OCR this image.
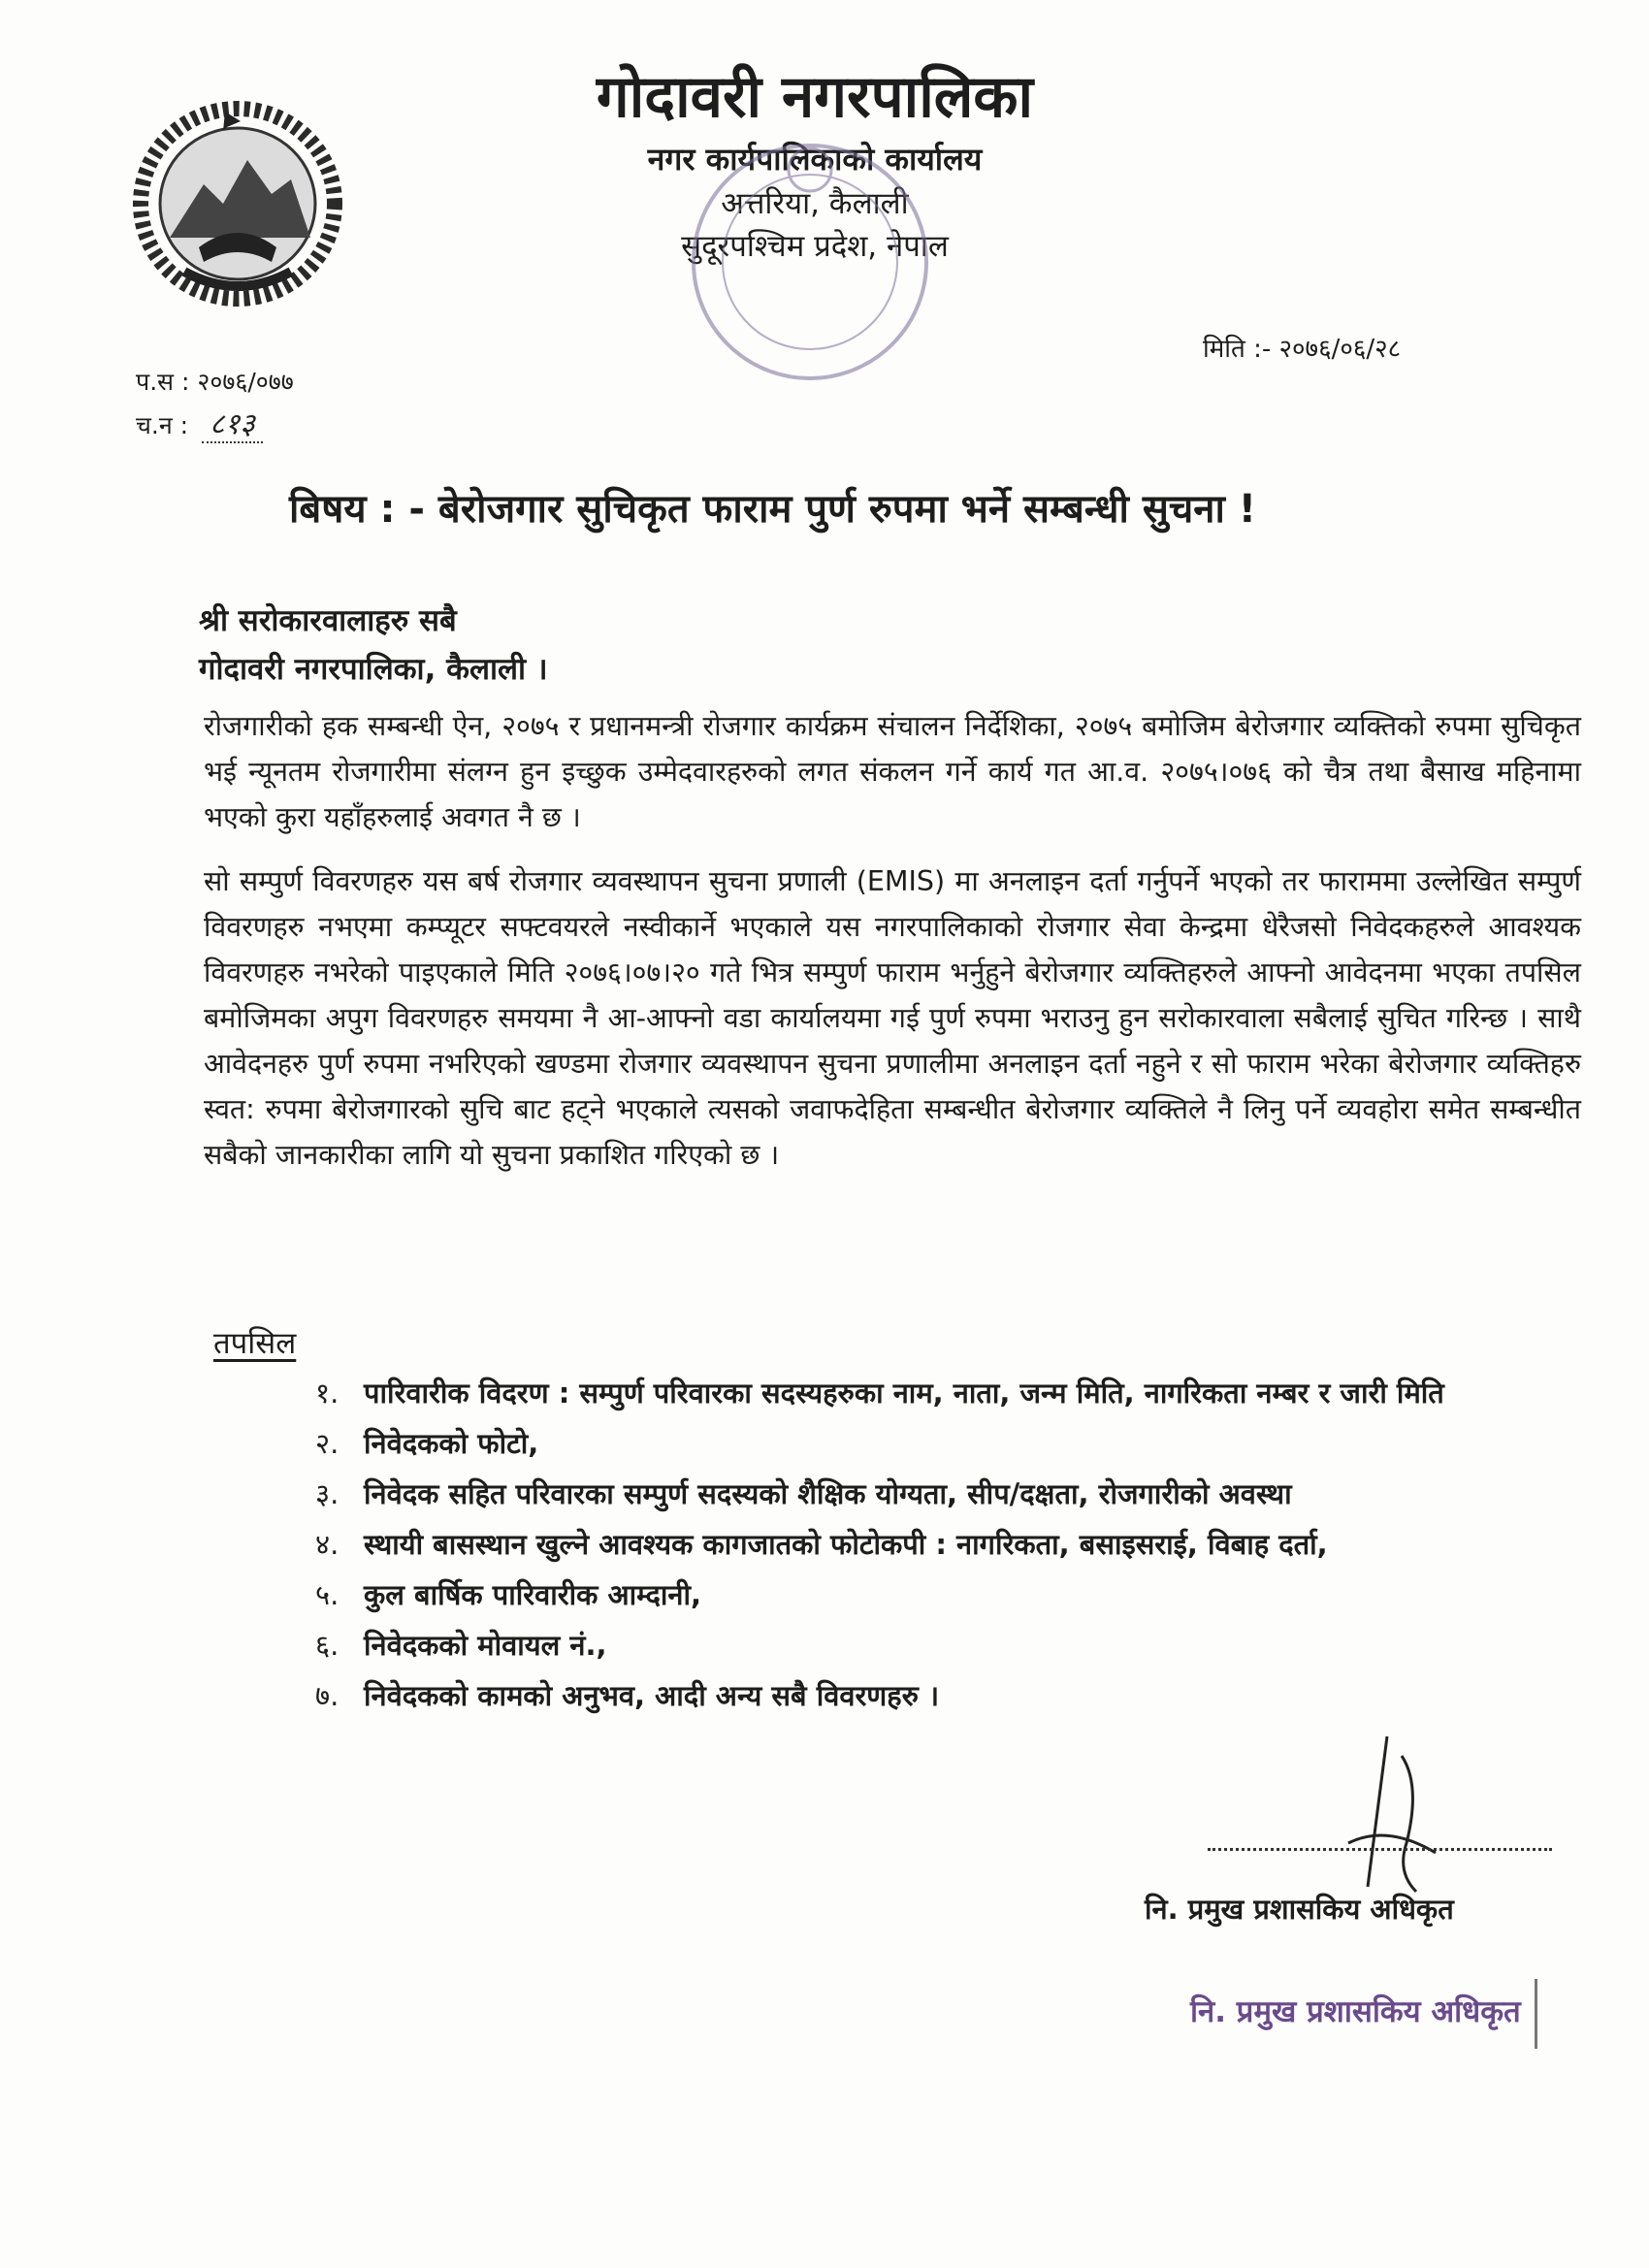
गोदावरी नगरपालिका
नगर कार्यपालिकाको कार्यालय
अत्तरिया, कैलाली
सुदूरपश्चिम प्रदेश, नेपाल
प.स : २०७६/०७७
च.न : ८१३
मिति :- २०७६/०६/२८
बिषय : - बेरोजगार सुचिकृत फाराम पुर्ण रुपमा भर्ने सम्बन्धी सुचना !
श्री सरोकारवालाहरु सबै
गोदावरी नगरपालिका, कैलाली ।
रोजगारीको हक सम्बन्धी ऐन, २०७५ र प्रधानमन्त्री रोजगार कार्यक्रम संचालन निर्देशिका, २०७५ बमोजिम बेरोजगार व्यक्तिको रुपमा सुचिकृत भई न्यूनतम रोजगारीमा संलग्न हुन इच्छुक उम्मेदवारहरुको लगत संकलन गर्ने कार्य गत आ.व. २०७५।०७६ को चैत्र तथा बैसाख महिनामा भएको कुरा यहाँहरुलाई अवगत नै छ ।
सो सम्पुर्ण विवरणहरु यस बर्ष रोजगार व्यवस्थापन सुचना प्रणाली (EMIS) मा अनलाइन दर्ता गर्नुपर्ने भएको तर फाराममा उल्लेखित सम्पुर्ण विवरणहरु नभएमा कम्प्यूटर सफ्टवयरले नस्वीकार्ने भएकाले यस नगरपालिकाको रोजगार सेवा केन्द्रमा धेरैजसो निवेदकहरुले आवश्यक विवरणहरु नभरेको पाइएकाले मिति २०७६।०७।२० गते भित्र सम्पुर्ण फाराम भर्नुहुने बेरोजगार व्यक्तिहरुले आफ्नो आवेदनमा भएका तपसिल बमोजिमका अपुग विवरणहरु समयमा नै आ-आफ्नो वडा कार्यालयमा गई पुर्ण रुपमा भराउनु हुन सरोकारवाला सबैलाई सुचित गरिन्छ । साथै आवेदनहरु पुर्ण रुपमा नभरिएको खण्डमा रोजगार व्यवस्थापन सुचना प्रणालीमा अनलाइन दर्ता नहुने र सो फाराम भरेका बेरोजगार व्यक्तिहरु स्वत: रुपमा बेरोजगारको सुचि बाट हट्ने भएकाले त्यसको जवाफदेहिता सम्बन्धीत बेरोजगार व्यक्तिले नै लिनु पर्ने व्यवहोरा समेत सम्बन्धीत सबैको जानकारीका लागि यो सुचना प्रकाशित गरिएको छ ।
तपसिल
१. पारिवारीक विदरण : सम्पुर्ण परिवारका सदस्यहरुका नाम, नाता, जन्म मिति, नागरिकता नम्बर र जारी मिति
२. निवेदकको फोटो,
३. निवेदक सहित परिवारका सम्पुर्ण सदस्यको शैक्षिक योग्यता, सीप/दक्षता, रोजगारीको अवस्था
४. स्थायी बासस्थान खुल्ने आवश्यक कागजातको फोटोकपी : नागरिकता, बसाइसराई, विबाह दर्ता,
५. कुल बार्षिक पारिवारीक आम्दानी,
६. निवेदकको मोवायल नं.,
७. निवेदकको कामको अनुभव, आदी अन्य सबै विवरणहरु ।
नि. प्रमुख प्रशासकिय अधिकृत
नि. प्रमुख प्रशासकिय अधिकृत
